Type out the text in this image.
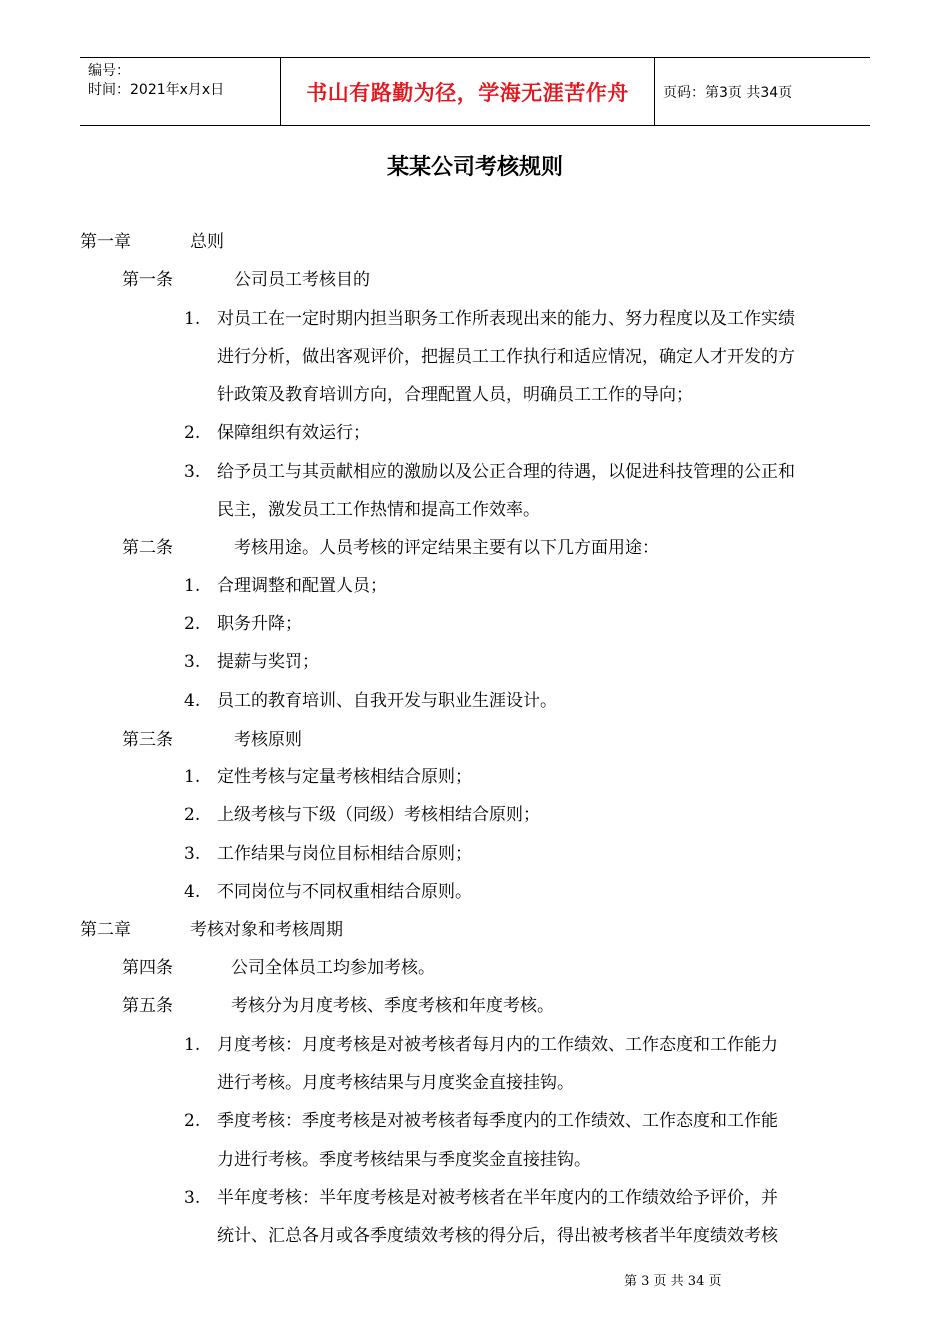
编号：
时间：2021年x月x日	书山有路勤为径，学海无涯苦作舟	页码：第3页 共34页
某某公司考核规则
第一章	总则
第一条	公司员工考核目的
1. 对员工在一定时期内担当职务工作所表现出来的能力、努力程度以及工作实绩
进行分析，做出客观评价，把握员工工作执行和适应情况，确定人才开发的方
针政策及教育培训方向，合理配置人员，明确员工工作的导向；
2. 保障组织有效运行；
3. 给予员工与其贡献相应的激励以及公正合理的待遇，以促进科技管理的公正和
民主，激发员工工作热情和提高工作效率。
第二条	考核用途。人员考核的评定结果主要有以下几方面用途：
1. 合理调整和配置人员；
2. 职务升降；
3. 提薪与奖罚；
4. 员工的教育培训、自我开发与职业生涯设计。
第三条	考核原则
1. 定性考核与定量考核相结合原则；
2. 上级考核与下级（同级）考核相结合原则；
3. 工作结果与岗位目标相结合原则；
4. 不同岗位与不同权重相结合原则。
第二章	考核对象和考核周期
第四条	公司全体员工均参加考核。
第五条	考核分为月度考核、季度考核和年度考核。
1. 月度考核：月度考核是对被考核者每月内的工作绩效、工作态度和工作能力
进行考核。月度考核结果与月度奖金直接挂钩。
2. 季度考核：季度考核是对被考核者每季度内的工作绩效、工作态度和工作能
力进行考核。季度考核结果与季度奖金直接挂钩。
3. 半年度考核：半年度考核是对被考核者在半年度内的工作绩效给予评价，并
统计、汇总各月或各季度绩效考核的得分后，得出被考核者半年度绩效考核
第 3 页 共 34 页
